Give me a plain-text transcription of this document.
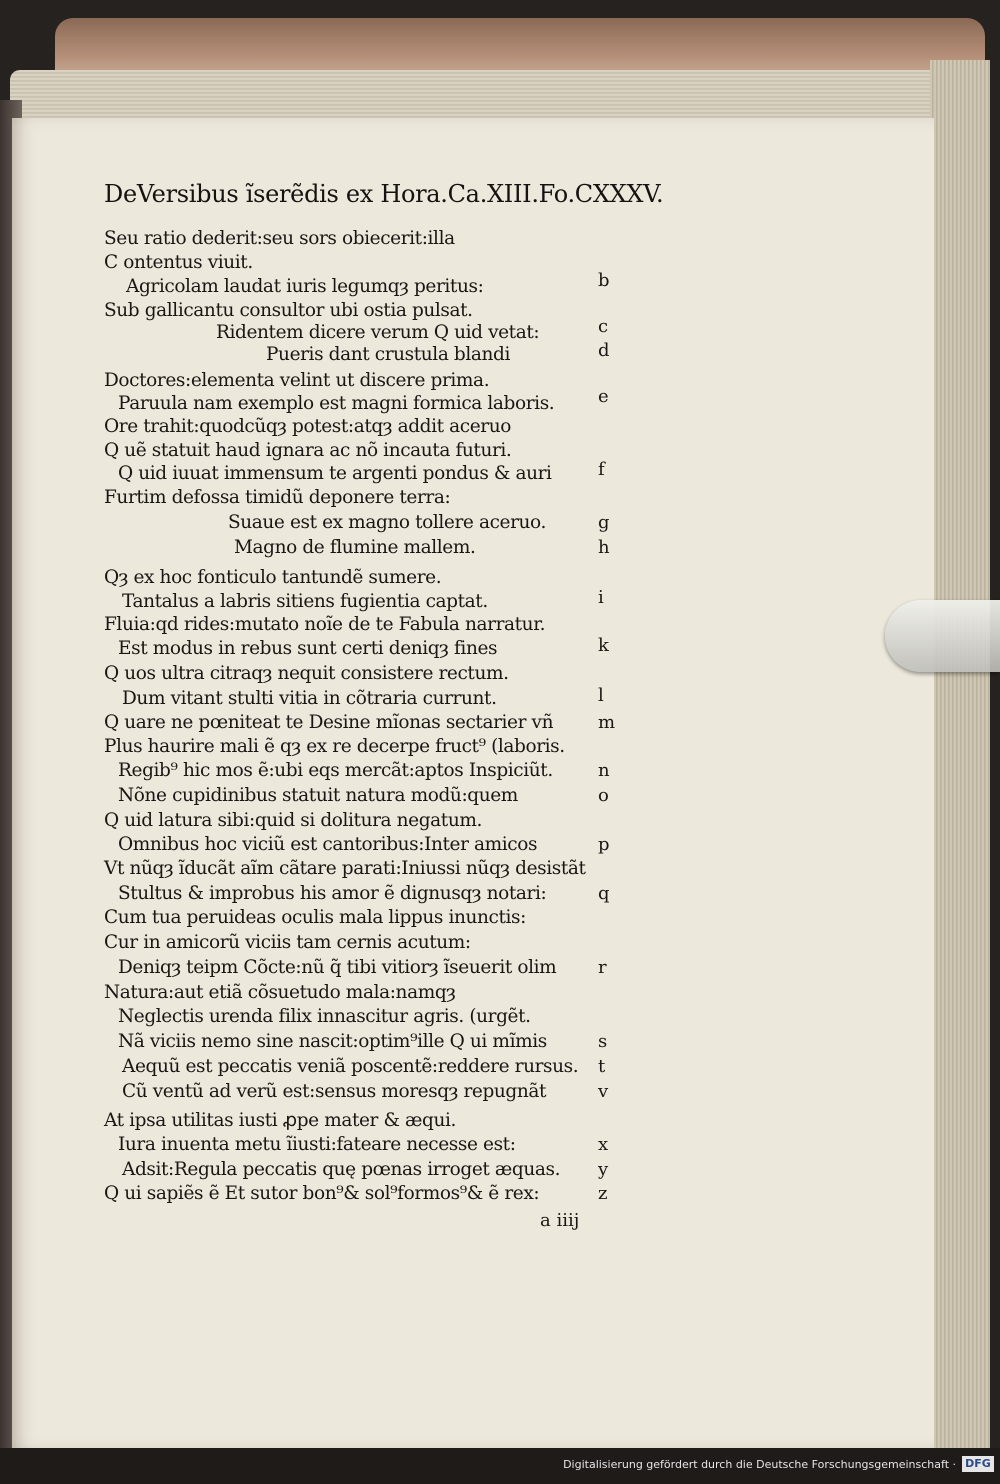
DeVersibus ĩserẽdis ex Hora.Ca.XIII.Fo.CXXXV.
Seu ratio dederit:seu sors obiecerit:illa
C ontentus viuit.
Agricolam laudat iuris legumqȝ peritus:
Sub gallicantu consultor ubi ostia pulsat.
Ridentem dicere verum Q uid vetat:
Pueris dant crustula blandi
Doctores:elementa velint ut discere prima.
Paruula nam exemplo est magni formica laboris.
Ore trahit:quodcũqȝ potest:atqȝ addit aceruo
Q uẽ statuit haud ignara ac nõ incauta futuri.
Q uid iuuat immensum te argenti pondus & auri
Furtim defossa timidũ deponere terra:
Suaue est ex magno tollere aceruo.
Magno de flumine mallem.
Qȝ ex hoc fonticulo tantundẽ sumere.
Tantalus a labris sitiens fugientia captat.
Fluia:qd rides:mutato noĩe de te Fabula narratur.
Est modus in rebus sunt certi deniqȝ fines
Q uos ultra citraqȝ nequit consistere rectum.
Dum vitant stulti vitia in cõtraria currunt.
Q uare ne pœniteat te Desine mĩonas sectarier vñ
Plus haurire mali ẽ qȝ ex re decerpe fruct⁹ (laboris.
Regib⁹ hic mos ẽ:ubi eqs mercãt:aptos Inspiciũt.
Nõne cupidinibus statuit natura modũ:quem
Q uid latura sibi:quid si dolitura negatum.
Omnibus hoc viciũ est cantoribus:Inter amicos
Vt nũqȝ ĩducãt aĩm cãtare parati:Iniussi nũqȝ desistãt
Stultus & improbus his amor ẽ dignusqȝ notari:
Cum tua peruideas oculis mala lippus inunctis:
Cur in amicorũ viciis tam cernis acutum:
Deniqȝ teipm Cõcte:nũ q̃ tibi vitiorȝ ĩseuerit olim
Natura:aut etiã cõsuetudo mala:namqȝ
Neglectis urenda filix innascitur agris. (urgẽt.
Nã viciis nemo sine nascit:optim⁹ille Q ui mĩmis
Aequũ est peccatis veniã poscentẽ:reddere rursus.
Cũ ventũ ad verũ est:sensus moresqȝ repugnãt
At ipsa utilitas iusti ꝓpe mater & æqui.
Iura inuenta metu ĩiusti:fateare necesse est:
Adsit:Regula peccatis quę pœnas irroget æquas.
Q ui sapiẽs ẽ Et sutor bon⁹& sol⁹formos⁹& ẽ rex:
b
c
d
e
f
g
h
i
k
l
m
n
o
p
q
r
s
t
v
x
y
z
a iiij
Digitalisierung gefördert durch die Deutsche Forschungsgemeinschaft · DFG
